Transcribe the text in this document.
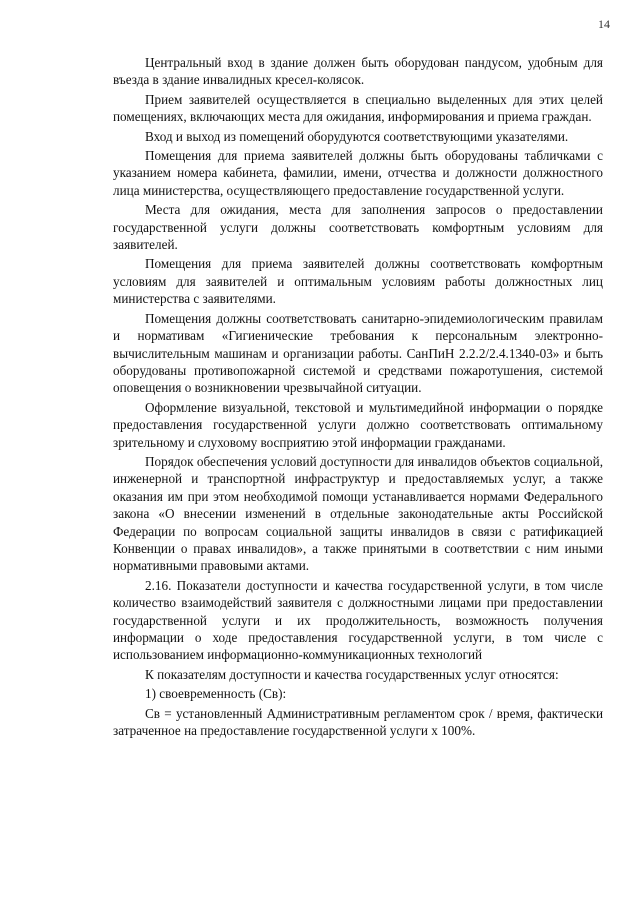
14

Центральный вход в здание должен быть оборудован пандусом, удобным для въезда в здание инвалидных кресел-колясок.

Прием заявителей осуществляется в специально выделенных для этих целей помещениях, включающих места для ожидания, информирования и приема граждан.

Вход и выход из помещений оборудуются соответствующими указателями.

Помещения для приема заявителей должны быть оборудованы табличками с указанием номера кабинета, фамилии, имени, отчества и должности должностного лица министерства, осуществляющего предоставление государственной услуги.

Места для ожидания, места для заполнения запросов о предоставлении государственной услуги должны соответствовать комфортным условиям для заявителей.

Помещения для приема заявителей должны соответствовать комфортным условиям для заявителей и оптимальным условиям работы должностных лиц министерства с заявителями.

Помещения должны соответствовать санитарно-эпидемиологическим правилам и нормативам «Гигиенические требования к персональным электронно-вычислительным машинам и организации работы. СанПиН 2.2.2/2.4.1340-03» и быть оборудованы противопожарной системой и средствами пожаротушения, системой оповещения о возникновении чрезвычайной ситуации.

Оформление визуальной, текстовой и мультимедийной информации о порядке предоставления государственной услуги должно соответствовать оптимальному зрительному и слуховому восприятию этой информации гражданами.

Порядок обеспечения условий доступности для инвалидов объектов социальной, инженерной и транспортной инфраструктур и предоставляемых услуг, а также оказания им при этом необходимой помощи устанавливается нормами Федерального закона «О внесении изменений в отдельные законодательные акты Российской Федерации по вопросам социальной защиты инвалидов в связи с ратификацией Конвенции о правах инвалидов», а также принятыми в соответствии с ним иными нормативными правовыми актами.

2.16. Показатели доступности и качества государственной услуги, в том числе количество взаимодействий заявителя с должностными лицами при предоставлении государственной услуги и их продолжительность, возможность получения информации о ходе предоставления государственной услуги, в том числе с использованием информационно-коммуникационных технологий

К показателям доступности и качества государственных услуг относятся:

1) своевременность (Св):

Св = установленный Административным регламентом срок / время, фактически затраченное на предоставление государственной услуги x 100%.
